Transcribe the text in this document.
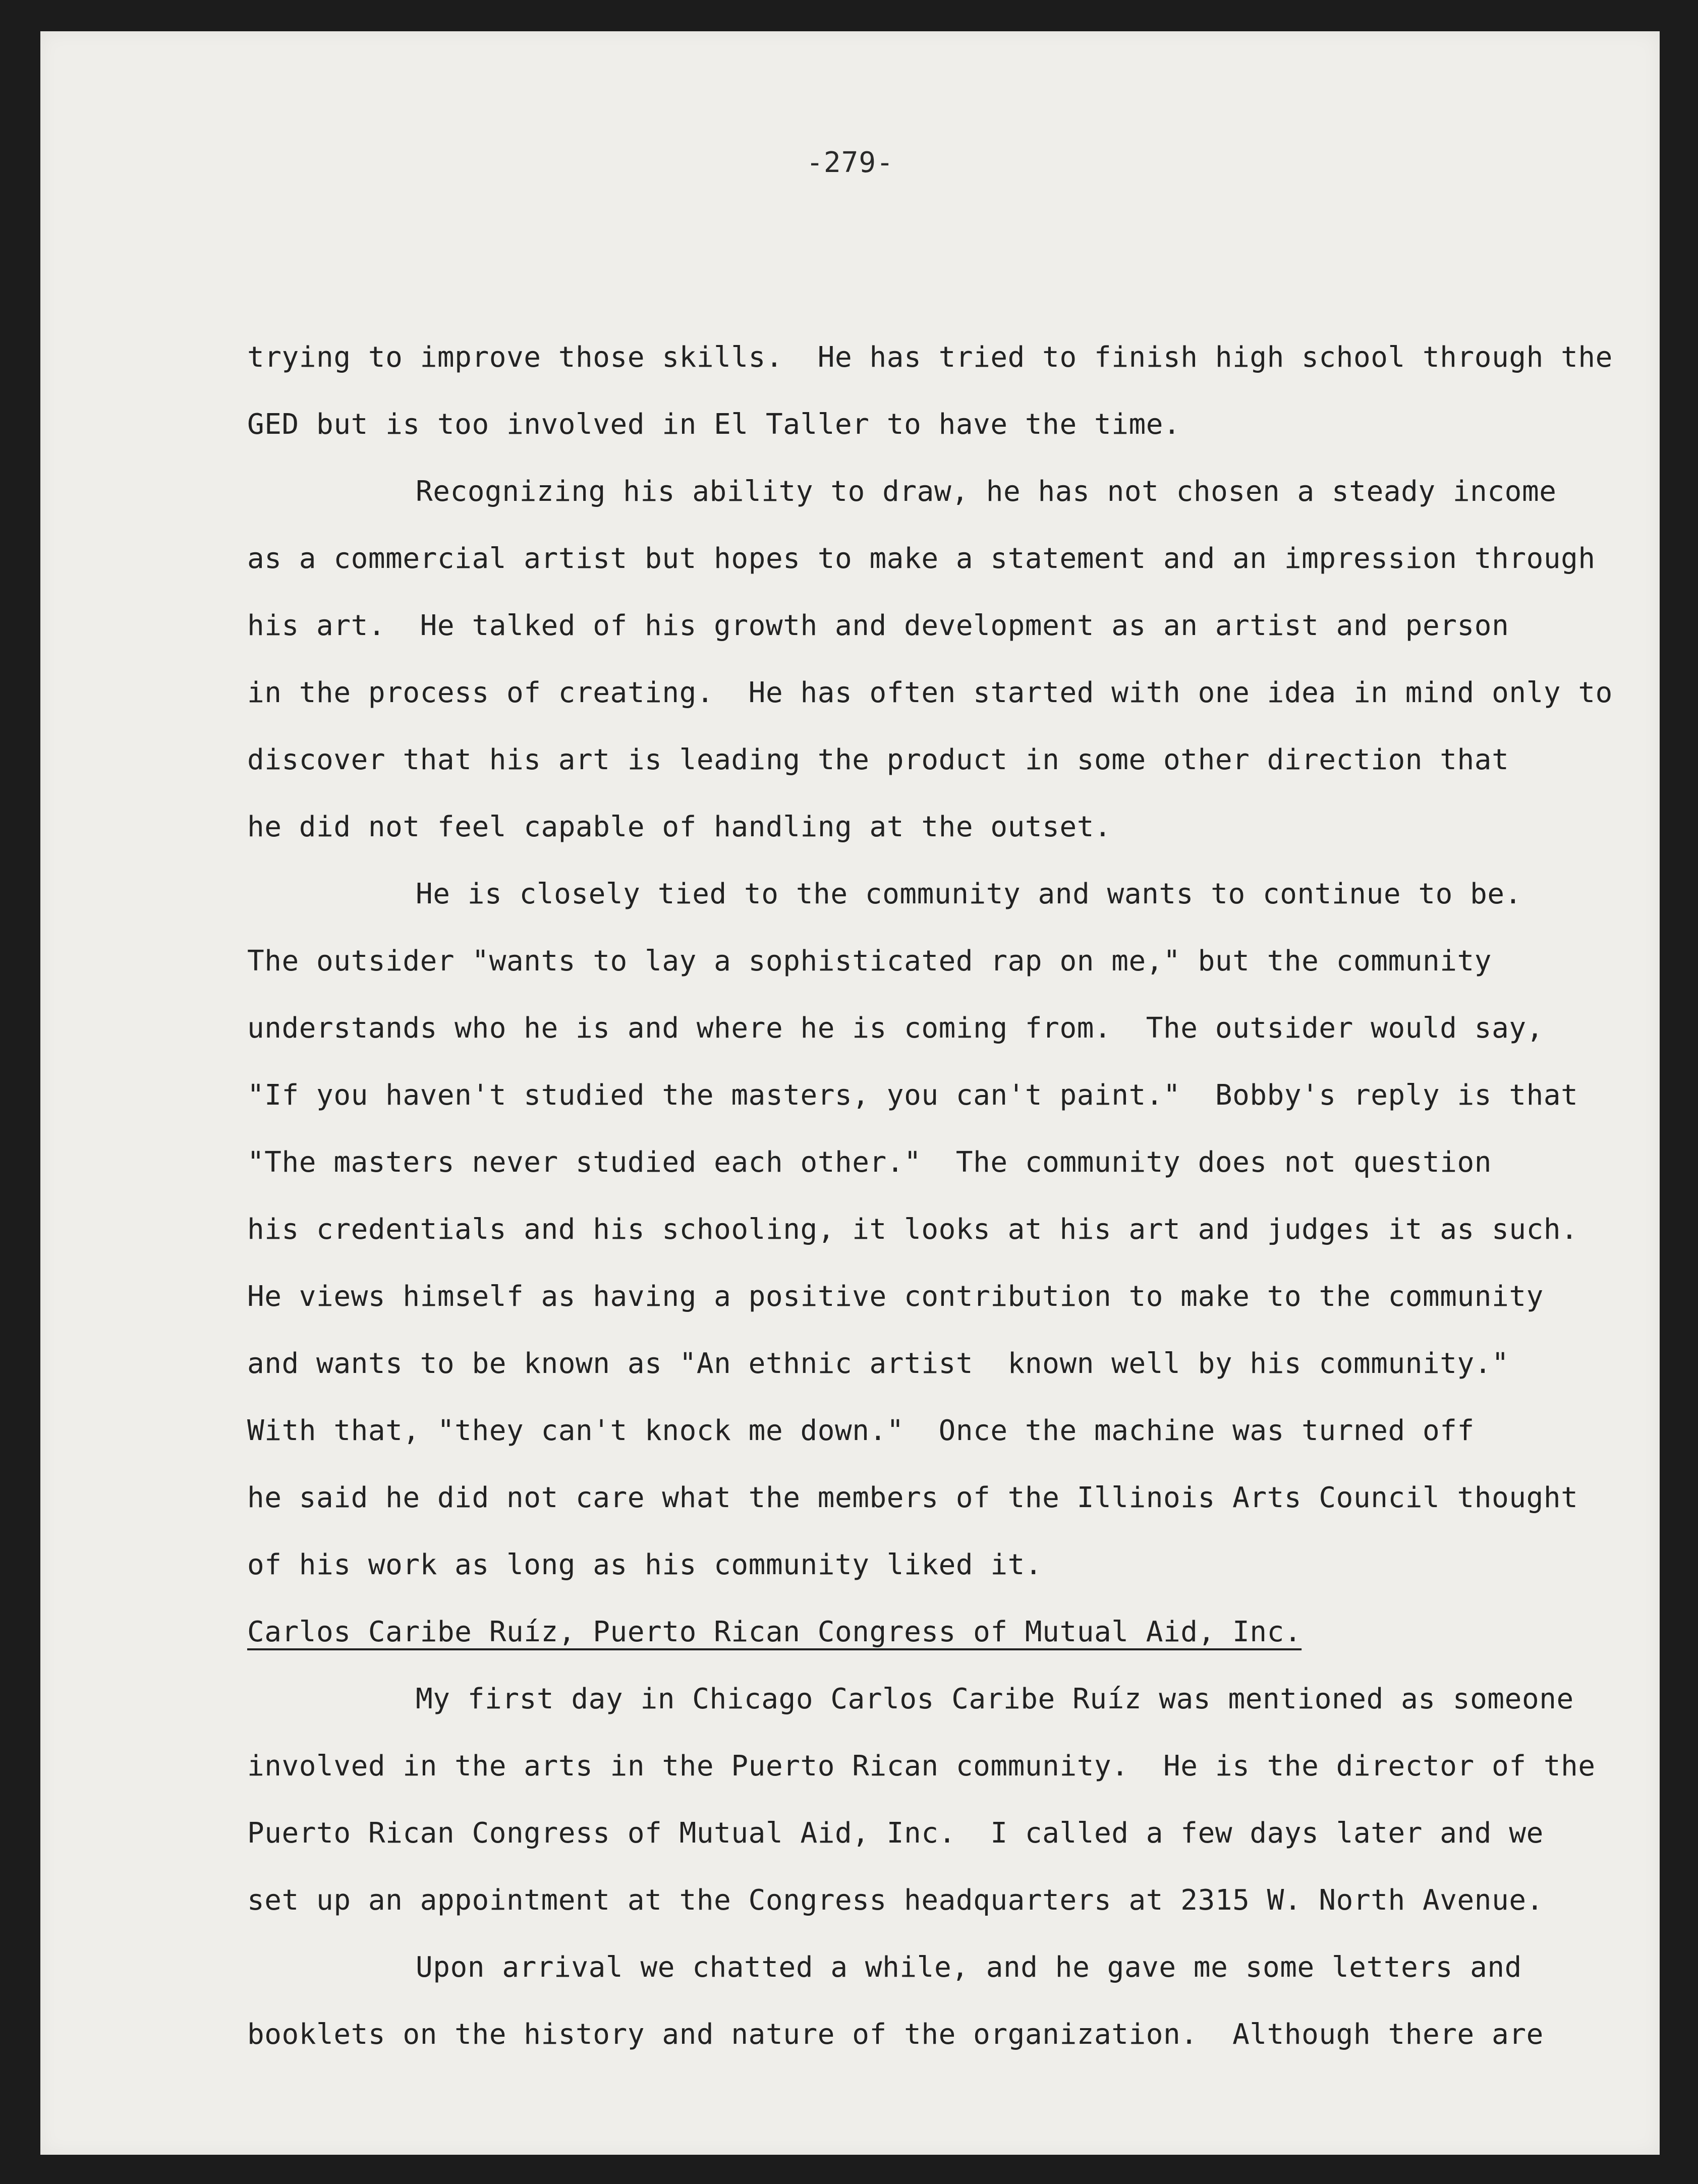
-279-
trying to improve those skills.  He has tried to finish high school through the
GED but is too involved in El Taller to have the time.
Recognizing his ability to draw, he has not chosen a steady income
as a commercial artist but hopes to make a statement and an impression through
his art.  He talked of his growth and development as an artist and person
in the process of creating.  He has often started with one idea in mind only to
discover that his art is leading the product in some other direction that
he did not feel capable of handling at the outset.
He is closely tied to the community and wants to continue to be.
The outsider "wants to lay a sophisticated rap on me," but the community
understands who he is and where he is coming from.  The outsider would say,
"If you haven't studied the masters, you can't paint."  Bobby's reply is that
"The masters never studied each other."  The community does not question
his credentials and his schooling, it looks at his art and judges it as such.
He views himself as having a positive contribution to make to the community
and wants to be known as "An ethnic artist  known well by his community."
With that, "they can't knock me down."  Once the machine was turned off
he said he did not care what the members of the Illinois Arts Council thought
of his work as long as his community liked it.
Carlos Caribe Ruíz, Puerto Rican Congress of Mutual Aid, Inc.
My first day in Chicago Carlos Caribe Ruíz was mentioned as someone
involved in the arts in the Puerto Rican community.  He is the director of the
Puerto Rican Congress of Mutual Aid, Inc.  I called a few days later and we
set up an appointment at the Congress headquarters at 2315 W. North Avenue.
Upon arrival we chatted a while, and he gave me some letters and
booklets on the history and nature of the organization.  Although there are
